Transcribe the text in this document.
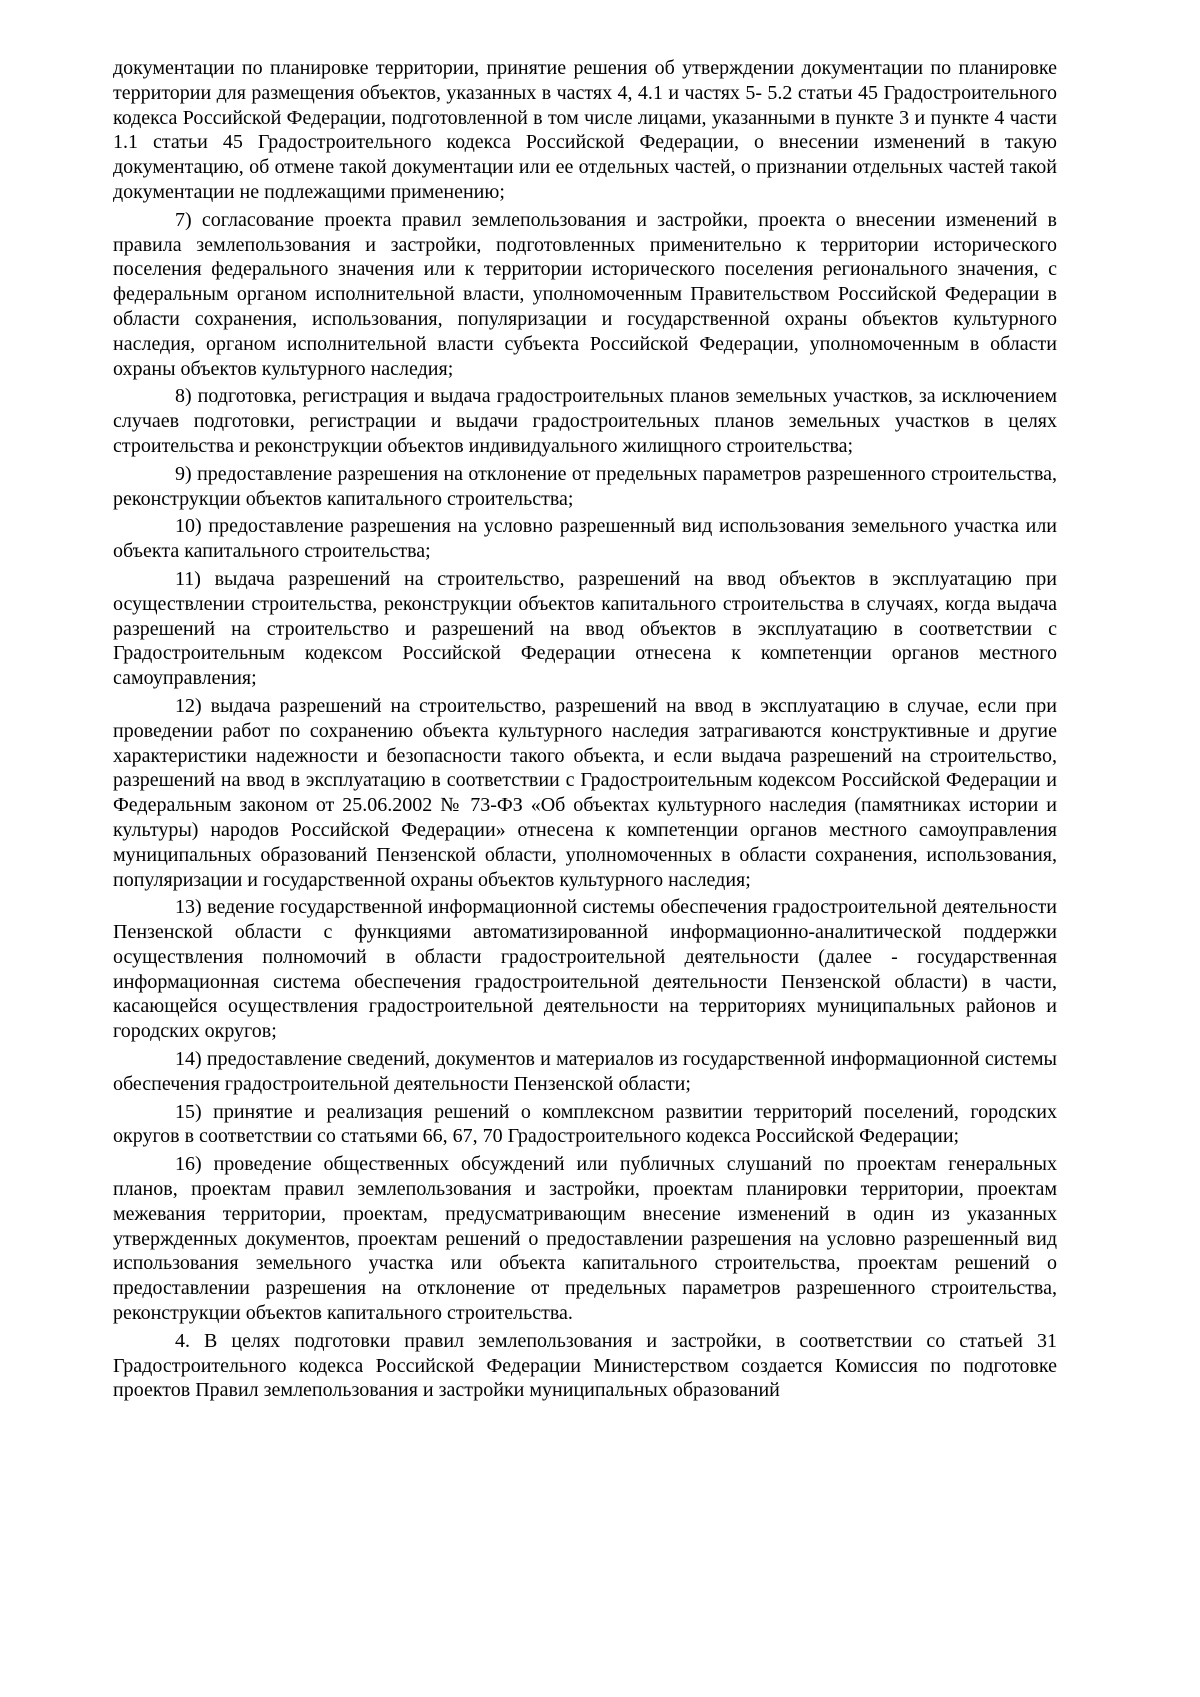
документации по планировке территории, принятие решения об утверждении документации по планировке территории для размещения объектов, указанных в частях 4, 4.1 и частях 5- 5.2 статьи 45 Градостроительного кодекса Российской Федерации, подготовленной в том числе лицами, указанными в пункте 3 и пункте 4 части 1.1 статьи 45 Градостроительного кодекса Российской Федерации, о внесении изменений в такую документацию, об отмене такой документации или ее отдельных частей, о признании отдельных частей такой документации не подлежащими применению;

7) согласование проекта правил землепользования и застройки, проекта о внесении изменений в правила землепользования и застройки, подготовленных применительно к территории исторического поселения федерального значения или к территории исторического поселения регионального значения, с федеральным органом исполнительной власти, уполномоченным Правительством Российской Федерации в области сохранения, использования, популяризации и государственной охраны объектов культурного наследия, органом исполнительной власти субъекта Российской Федерации, уполномоченным в области охраны объектов культурного наследия;

8) подготовка, регистрация и выдача градостроительных планов земельных участков, за исключением случаев подготовки, регистрации и выдачи градостроительных планов земельных участков в целях строительства и реконструкции объектов индивидуального жилищного строительства;

9) предоставление разрешения на отклонение от предельных параметров разрешенного строительства, реконструкции объектов капитального строительства;

10) предоставление разрешения на условно разрешенный вид использования земельного участка или объекта капитального строительства;

11) выдача разрешений на строительство, разрешений на ввод объектов в эксплуатацию при осуществлении строительства, реконструкции объектов капитального строительства в случаях, когда выдача разрешений на строительство и разрешений на ввод объектов в эксплуатацию в соответствии с Градостроительным кодексом Российской Федерации отнесена к компетенции органов местного самоуправления;

12) выдача разрешений на строительство, разрешений на ввод в эксплуатацию в случае, если при проведении работ по сохранению объекта культурного наследия затрагиваются конструктивные и другие характеристики надежности и безопасности такого объекта, и если выдача разрешений на строительство, разрешений на ввод в эксплуатацию в соответствии с Градостроительным кодексом Российской Федерации и Федеральным законом от 25.06.2002 № 73-ФЗ «Об объектах культурного наследия (памятниках истории и культуры) народов Российской Федерации» отнесена к компетенции органов местного самоуправления муниципальных образований Пензенской области, уполномоченных в области сохранения, использования, популяризации и государственной охраны объектов культурного наследия;

13) ведение государственной информационной системы обеспечения градостроительной деятельности Пензенской области с функциями автоматизированной информационно-аналитической поддержки осуществления полномочий в области градостроительной деятельности (далее - государственная информационная система обеспечения градостроительной деятельности Пензенской области) в части, касающейся осуществления градостроительной деятельности на территориях муниципальных районов и городских округов;

14) предоставление сведений, документов и материалов из государственной информационной системы обеспечения градостроительной деятельности Пензенской области;

15) принятие и реализация решений о комплексном развитии территорий поселений, городских округов в соответствии со статьями 66, 67, 70 Градостроительного кодекса Российской Федерации;

16) проведение общественных обсуждений или публичных слушаний по проектам генеральных планов, проектам правил землепользования и застройки, проектам планировки территории, проектам межевания территории, проектам, предусматривающим внесение изменений в один из указанных утвержденных документов, проектам решений о предоставлении разрешения на условно разрешенный вид использования земельного участка или объекта капитального строительства, проектам решений о предоставлении разрешения на отклонение от предельных параметров разрешенного строительства, реконструкции объектов капитального строительства.

4. В целях подготовки правил землепользования и застройки, в соответствии со статьей 31 Градостроительного кодекса Российской Федерации Министерством создается Комиссия по подготовке проектов Правил землепользования и застройки муниципальных образований
